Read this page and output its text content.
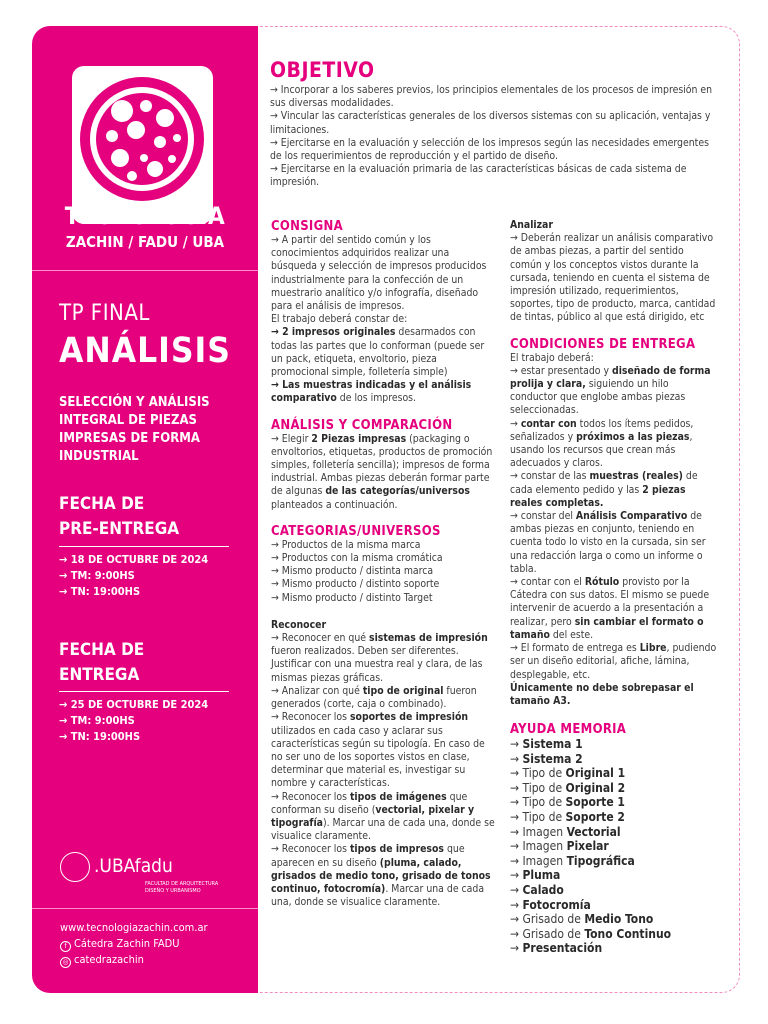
TECNOLOGIA
ZACHIN / FADU / UBA
TP FINAL
ANÁLISIS
SELECCIÓN Y ANÁLISIS INTEGRAL DE PIEZAS IMPRESAS DE FORMA INDUSTRIAL
FECHA DE
PRE-ENTREGA
→ 18 DE OCTUBRE DE 2024
→ TM: 9:00HS
→ TN: 19:00HS
FECHA DE
ENTREGA
→ 25 DE OCTUBRE DE 2024
→ TM: 9:00HS
→ TN: 19:00HS
.UBAfadu
FACULTAD DE ARQUITECTURA DISEÑO Y URBANISMO
www.tecnologiazachin.com.ar
f Cátedra Zachin FADU
◎ catedrazachin
OBJETIVO
→ Incorporar a los saberes previos, los principios elementales de los procesos de impresión en sus diversas modalidades.
→ Vincular las características generales de los diversos sistemas con su aplicación, ventajas y limitaciones.
→ Ejercitarse en la evaluación y selección de los impresos según las necesidades emergentes de los requerimientos de reproducción y el partido de diseño.
→ Ejercitarse en la evaluación primaria de las características básicas de cada sistema de impresión.
CONSIGNA
→ A partir del sentido común y los conocimientos adquiridos realizar una búsqueda y selección de impresos producidos industrialmente para la confección de un muestrario analítico y/o infografía, diseñado para el análisis de impresos.
El trabajo deberá constar de:
→ 2 impresos originales desarmados con todas las partes que lo conforman (puede ser un pack, etiqueta, envoltorio, pieza promocional simple, folletería simple)
→ Las muestras indicadas y el análisis comparativo de los impresos.
ANÁLISIS Y COMPARACIÓN
→ Elegir 2 Piezas impresas (packaging o envoltorios, etiquetas, productos de promoción simples, folletería sencilla); impresos de forma industrial. Ambas piezas deberán formar parte de algunas de las categorías/universos planteados a continuación.
CATEGORIAS/UNIVERSOS
→ Productos de la misma marca
→ Productos con la misma cromática
→ Mismo producto / distinta marca
→ Mismo producto / distinto soporte
→ Mismo producto / distinto Target
Reconocer
→ Reconocer en qué sistemas de impresión fueron realizados. Deben ser diferentes. Justificar con una muestra real y clara, de las mismas piezas gráficas.
→ Analizar con qué tipo de original fueron generados (corte, caja o combinado).
→ Reconocer los soportes de impresión utilizados en cada caso y aclarar sus características según su tipología. En caso de no ser uno de los soportes vistos en clase, determinar que material es, investigar su nombre y características.
→ Reconocer los tipos de imágenes que conforman su diseño (vectorial, pixelar y tipografía). Marcar una de cada una, donde se visualice claramente.
→ Reconocer los tipos de impresos que aparecen en su diseño (pluma, calado, grisados de medio tono, grisado de tonos continuo, fotocromía). Marcar una de cada una, donde se visualice claramente.
Analizar
→ Deberán realizar un análisis comparativo de ambas piezas, a partir del sentido común y los conceptos vistos durante la cursada, teniendo en cuenta el sistema de impresión utilizado, requerimientos, soportes, tipo de producto, marca, cantidad de tintas, público al que está dirigido, etc
CONDICIONES DE ENTREGA
El trabajo deberá:
→ estar presentado y diseñado de forma prolija y clara, siguiendo un hilo conductor que englobe ambas piezas seleccionadas.
→ contar con todos los ítems pedidos, señalizados y próximos a las piezas, usando los recursos que crean más adecuados y claros.
→ constar de las muestras (reales) de cada elemento pedido y las 2 piezas reales completas.
→ constar del Análisis Comparativo de ambas piezas en conjunto, teniendo en cuenta todo lo visto en la cursada, sin ser una redacción larga o como un informe o tabla.
→ contar con el Rótulo provisto por la Cátedra con sus datos. El mismo se puede intervenir de acuerdo a la presentación a realizar, pero sin cambiar el formato o tamaño del este.
→ El formato de entrega es Libre, pudiendo ser un diseño editorial, afiche, lámina, desplegable, etc.
Únicamente no debe sobrepasar el tamaño A3.
AYUDA MEMORIA
→ Sistema 1
→ Sistema 2
→ Tipo de Original 1
→ Tipo de Original 2
→ Tipo de Soporte 1
→ Tipo de Soporte 2
→ Imagen Vectorial
→ Imagen Pixelar
→ Imagen Tipográfica
→ Pluma
→ Calado
→ Fotocromía
→ Grisado de Medio Tono
→ Grisado de Tono Continuo
→ Presentación
